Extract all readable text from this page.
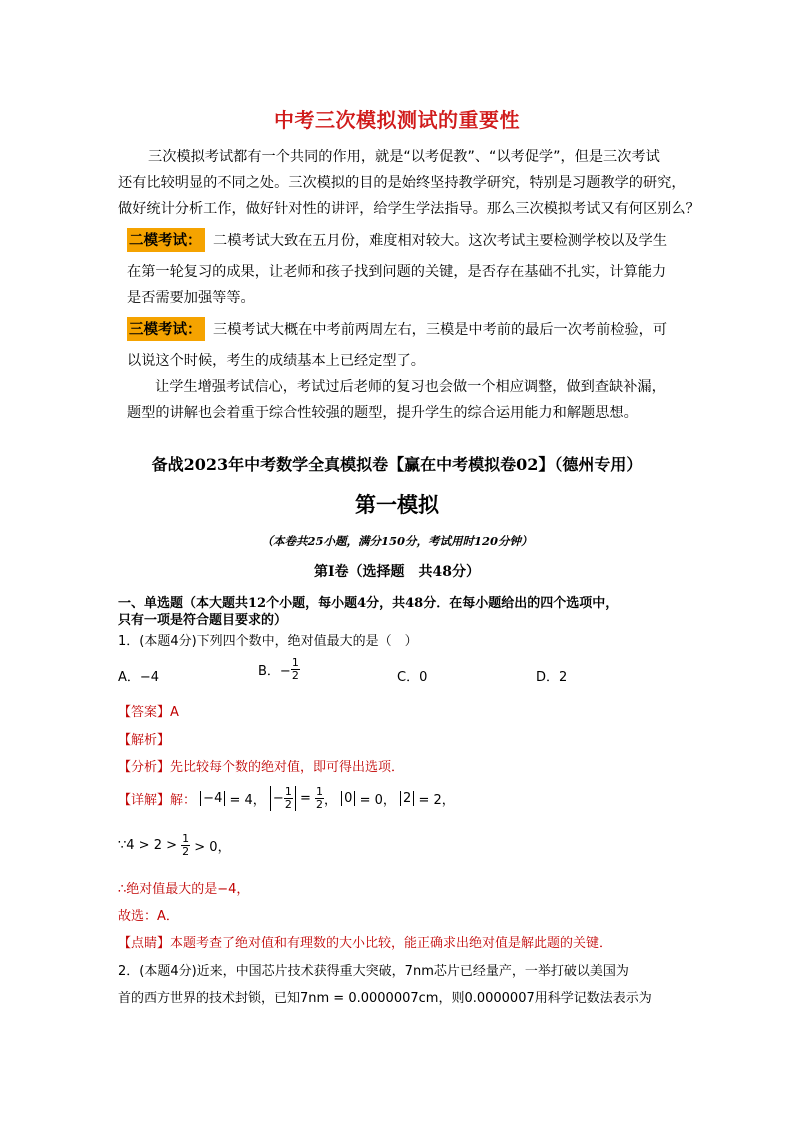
中考三次模拟测试的重要性
三次模拟考试都有一个共同的作用，就是“以考促教”、“以考促学”，但是三次考试
还有比较明显的不同之处。三次模拟的目的是始终坚持教学研究，特别是习题教学的研究，
做好统计分析工作，做好针对性的讲评，给学生学法指导。那么三次模拟考试又有何区别么？
二模考试： 二模考试大致在五月份，难度相对较大。这次考试主要检测学校以及学生
在第一轮复习的成果，让老师和孩子找到问题的关键，是否存在基础不扎实，计算能力
是否需要加强等等。
三模考试： 三模考试大概在中考前两周左右，三模是中考前的最后一次考前检验，可
以说这个时候，考生的成绩基本上已经定型了。
让学生增强考试信心，考试过后老师的复习也会做一个相应调整，做到查缺补漏，
题型的讲解也会着重于综合性较强的题型，提升学生的综合运用能力和解题思想。
备战2023年中考数学全真模拟卷【赢在中考模拟卷02】（德州专用）
第一模拟
（本卷共25小题，满分150分，考试用时120分钟）
第Ⅰ卷（选择题　共48分）
一、单选题（本大题共12个小题，每小题4分，共48分．在每小题给出的四个选项中，
只有一项是符合题目要求的）
1．(本题4分)下列四个数中，绝对值最大的是（　）
A．−4	B．− $\frac{1}{2}$	C．0	D．2
【答案】A
【解析】
【分析】先比较每个数的绝对值，即可得出选项．
【详解】解： −4 = 4， − $\frac{1}{2} = \frac{1}{2}$ ， 0 = 0， 2 = 2，
∵4 > $2 > \frac{1}{2} > 0$，
∴绝对值最大的是−4，
故选：A．
【点睛】本题考查了绝对值和有理数的大小比较，能正确求出绝对值是解此题的关键．
2．(本题4分)近来，中国芯片技术获得重大突破，7nm芯片已经量产，一举打破以美国为
首的西方世界的技术封锁，已知7nm = 0.0000007cm，则0.0000007用科学记数法表示为
